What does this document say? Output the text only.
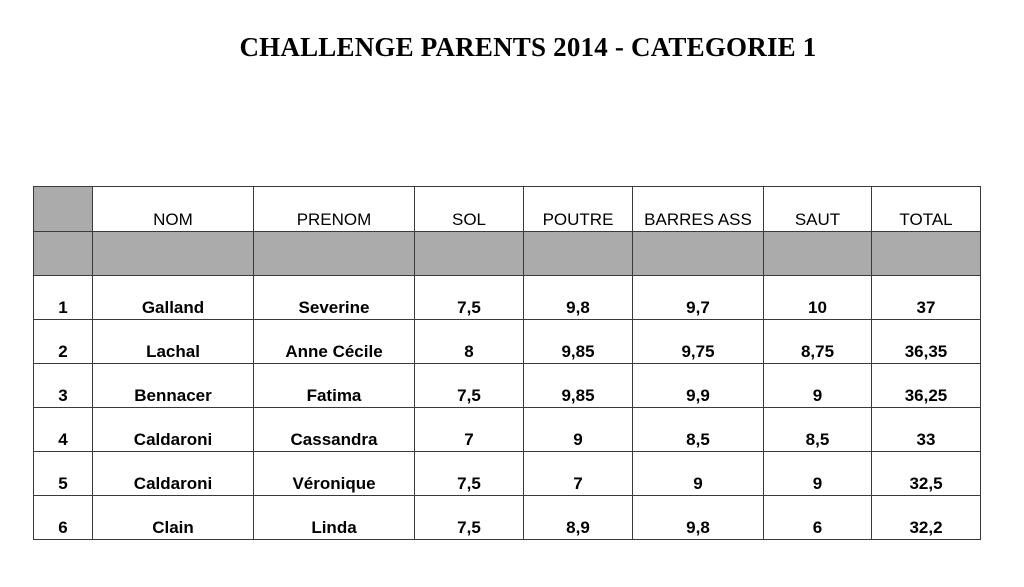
CHALLENGE PARENTS 2014 - CATEGORIE 1
	NOM	PRENOM	SOL	POUTRE	BARRES ASS	SAUT	TOTAL

1	Galland	Severine	7,5	9,8	9,7	10	37
2	Lachal	Anne Cécile	8	9,85	9,75	8,75	36,35
3	Bennacer	Fatima	7,5	9,85	9,9	9	36,25
4	Caldaroni	Cassandra	7	9	8,5	8,5	33
5	Caldaroni	Véronique	7,5	7	9	9	32,5
6	Clain	Linda	7,5	8,9	9,8	6	32,2
